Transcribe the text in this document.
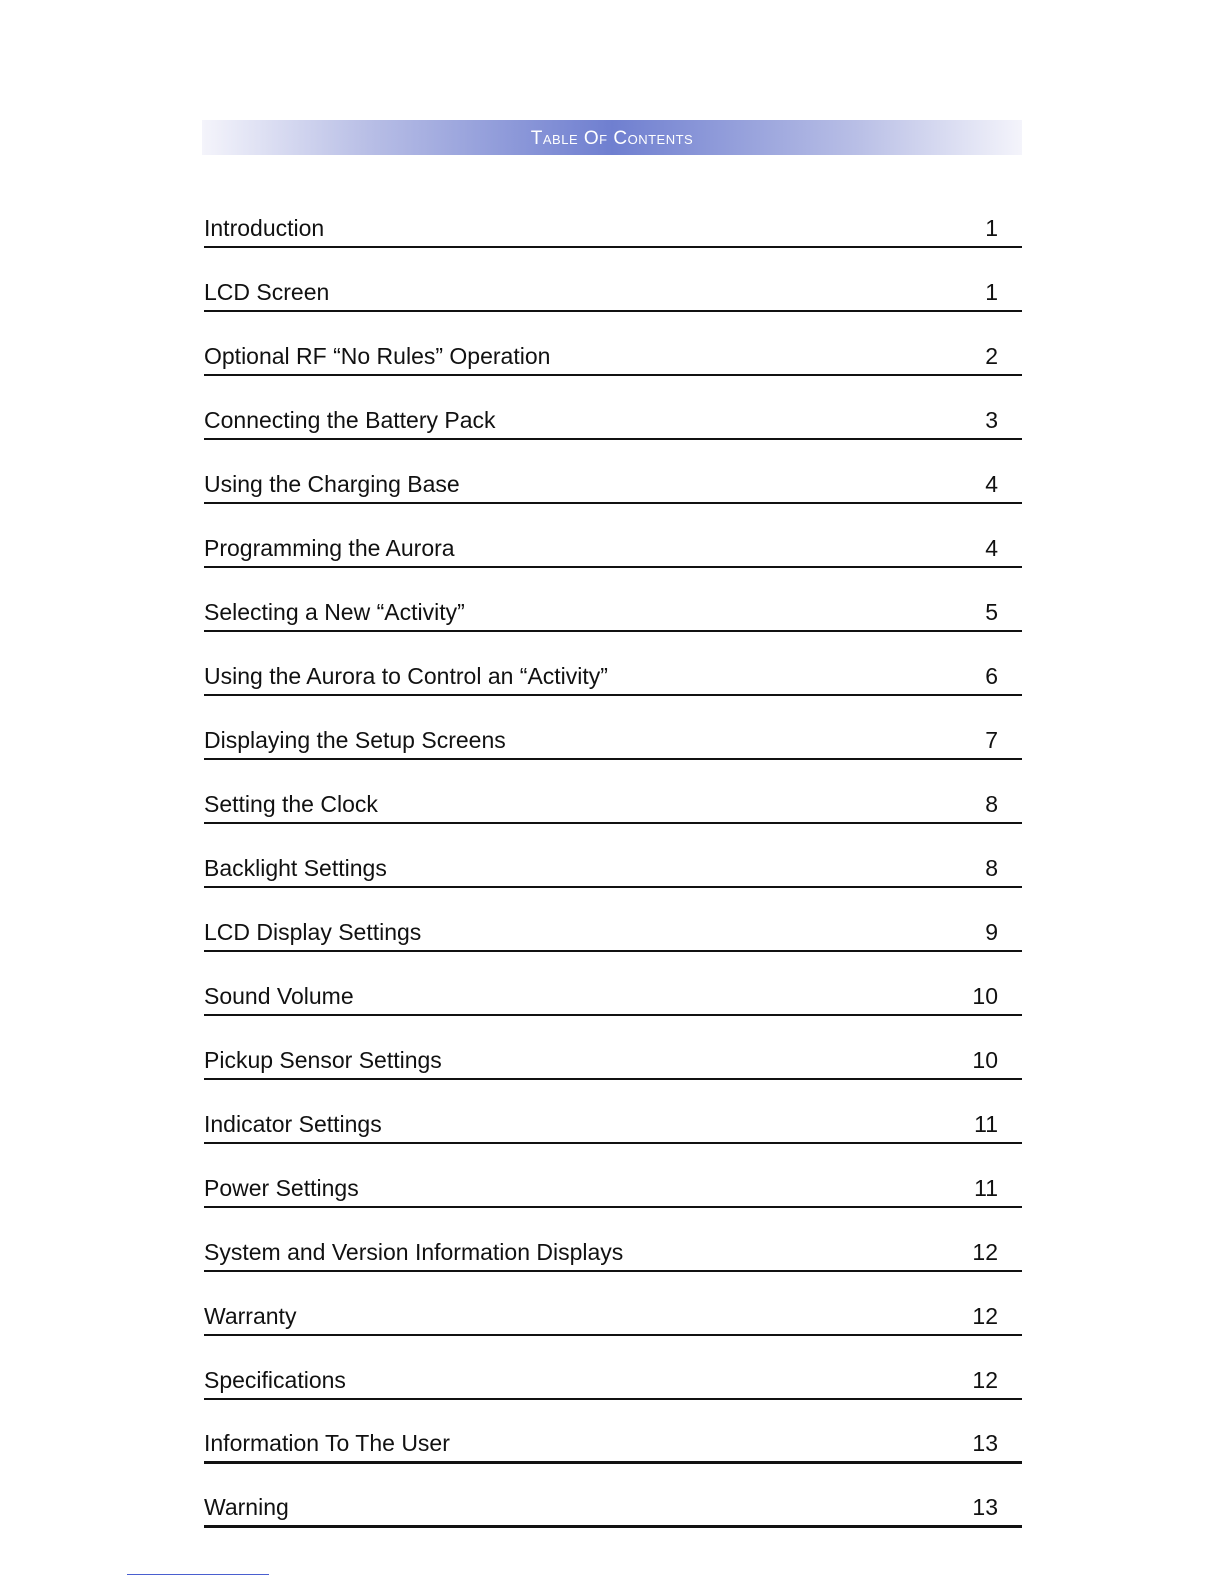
Table Of Contents
Introduction	1
LCD Screen	1
Optional RF “No Rules” Operation	2
Connecting the Battery Pack	3
Using the Charging Base	4
Programming the Aurora	4
Selecting a New “Activity”	5
Using the Aurora to Control an “Activity”	6
Displaying the Setup Screens	7
Setting the Clock	8
Backlight Settings	8
LCD Display Settings	9
Sound Volume	10
Pickup Sensor Settings	10
Indicator Settings	11
Power Settings	11
System and Version Information Displays	12
Warranty	12
Specifications	12
Information To The User	13
Warning	13
